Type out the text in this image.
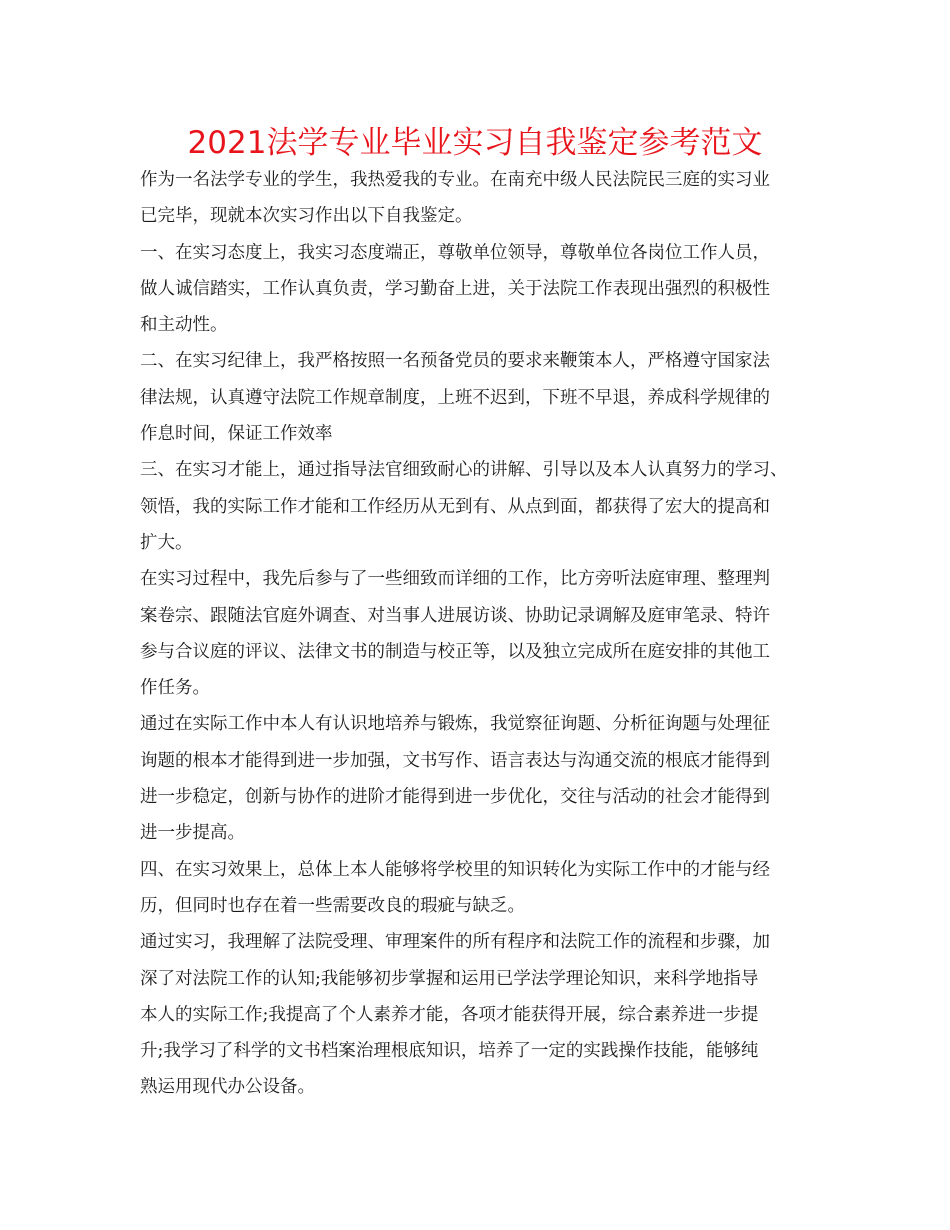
2021法学专业毕业实习自我鉴定参考范文
作为一名法学专业的学生，我热爱我的专业。在南充中级人民法院民三庭的实习业
已完毕，现就本次实习作出以下自我鉴定。
一、在实习态度上，我实习态度端正，尊敬单位领导，尊敬单位各岗位工作人员，
做人诚信踏实，工作认真负责，学习勤奋上进，关于法院工作表现出强烈的积极性
和主动性。
二、在实习纪律上，我严格按照一名预备党员的要求来鞭策本人，严格遵守国家法
律法规，认真遵守法院工作规章制度，上班不迟到，下班不早退，养成科学规律的
作息时间，保证工作效率
三、在实习才能上，通过指导法官细致耐心的讲解、引导以及本人认真努力的学习、
领悟，我的实际工作才能和工作经历从无到有、从点到面，都获得了宏大的提高和
扩大。
在实习过程中，我先后参与了一些细致而详细的工作，比方旁听法庭审理、整理判
案卷宗、跟随法官庭外调查、对当事人进展访谈、协助记录调解及庭审笔录、特许
参与合议庭的评议、法律文书的制造与校正等，以及独立完成所在庭安排的其他工
作任务。
通过在实际工作中本人有认识地培养与锻炼，我觉察征询题、分析征询题与处理征
询题的根本才能得到进一步加强，文书写作、语言表达与沟通交流的根底才能得到
进一步稳定，创新与协作的进阶才能得到进一步优化，交往与活动的社会才能得到
进一步提高。
四、在实习效果上，总体上本人能够将学校里的知识转化为实际工作中的才能与经
历，但同时也存在着一些需要改良的瑕疵与缺乏。
通过实习，我理解了法院受理、审理案件的所有程序和法院工作的流程和步骤，加
深了对法院工作的认知;我能够初步掌握和运用已学法学理论知识，来科学地指导
本人的实际工作;我提高了个人素养才能，各项才能获得开展，综合素养进一步提
升;我学习了科学的文书档案治理根底知识，培养了一定的实践操作技能，能够纯
熟运用现代办公设备。
